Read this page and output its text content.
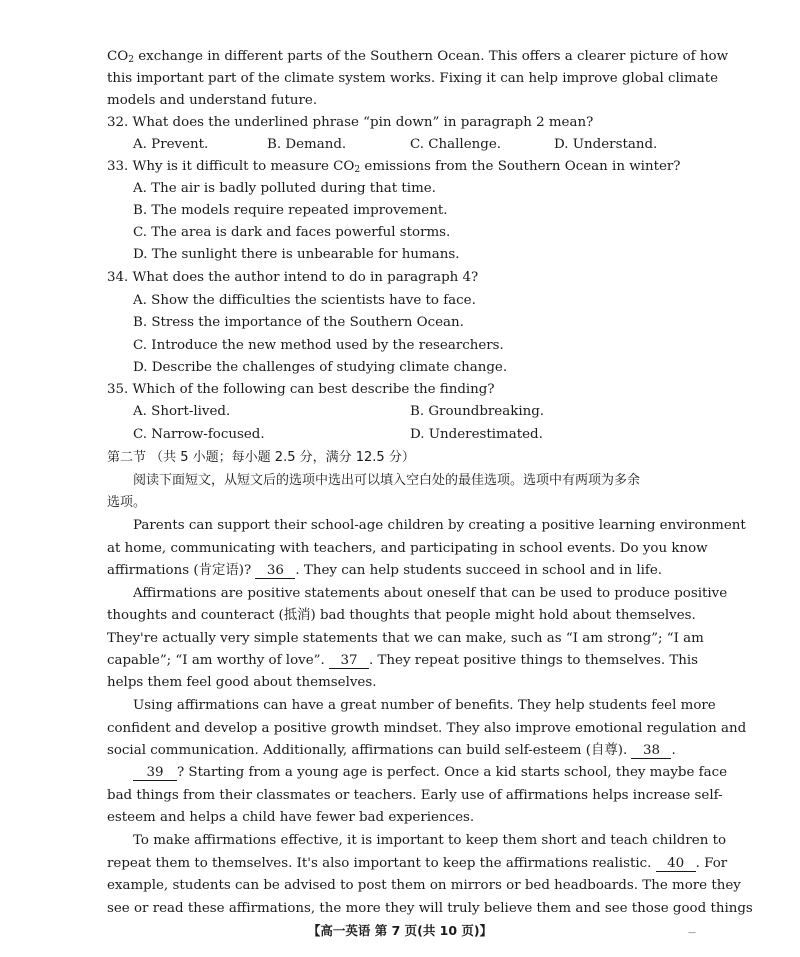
$CO_2$ exchange in different parts of the Southern Ocean. This offers a clearer picture of how
this important part of the climate system works. Fixing it can help improve global climate
models and understand future.
32. What does the underlined phrase “pin down” in paragraph 2 mean?
A. Prevent.	B. Demand.	C. Challenge.	D. Understand.
33. Why is it difficult to measure $CO_2$ emissions from the Southern Ocean in winter?
A. The air is badly polluted during that time.
B. The models require repeated improvement.
C. The area is dark and faces powerful storms.
D. The sunlight there is unbearable for humans.
34. What does the author intend to do in paragraph 4?
A. Show the difficulties the scientists have to face.
B. Stress the importance of the Southern Ocean.
C. Introduce the new method used by the researchers.
D. Describe the challenges of studying climate change.
35. Which of the following can best describe the finding?
A. Short-lived.	B. Groundbreaking.
C. Narrow-focused.	D. Underestimated.
第二节 （共 5 小题；每小题 2.5 分，满分 12.5 分）
阅读下面短文，从短文后的选项中选出可以填入空白处的最佳选项。选项中有两项为多余
选项。
Parents can support their school-age children by creating a positive learning environment
at home, communicating with teachers, and participating in school events. Do you know
affirmations (肯定语)? 36 . They can help students succeed in school and in life.
Affirmations are positive statements about oneself that can be used to produce positive
thoughts and counteract (抵消) bad thoughts that people might hold about themselves.
They're actually very simple statements that we can make, such as “I am strong”; “I am
capable”; “I am worthy of love”. 37 . They repeat positive things to themselves. This
helps them feel good about themselves.
Using affirmations can have a great number of benefits. They help students feel more
confident and develop a positive growth mindset. They also improve emotional regulation and
social communication. Additionally, affirmations can build self-esteem (自尊). 38 .
39 ? Starting from a young age is perfect. Once a kid starts school, they maybe face
bad things from their classmates or teachers. Early use of affirmations helps increase self-
esteem and helps a child have fewer bad experiences.
To make affirmations effective, it is important to keep them short and teach children to
repeat them to themselves. It's also important to keep the affirmations realistic. 40 . For
example, students can be advised to post them on mirrors or bed headboards. The more they
see or read these affirmations, the more they will truly believe them and see those good things
【高一英语 第 7 页(共 10 页)】	—
